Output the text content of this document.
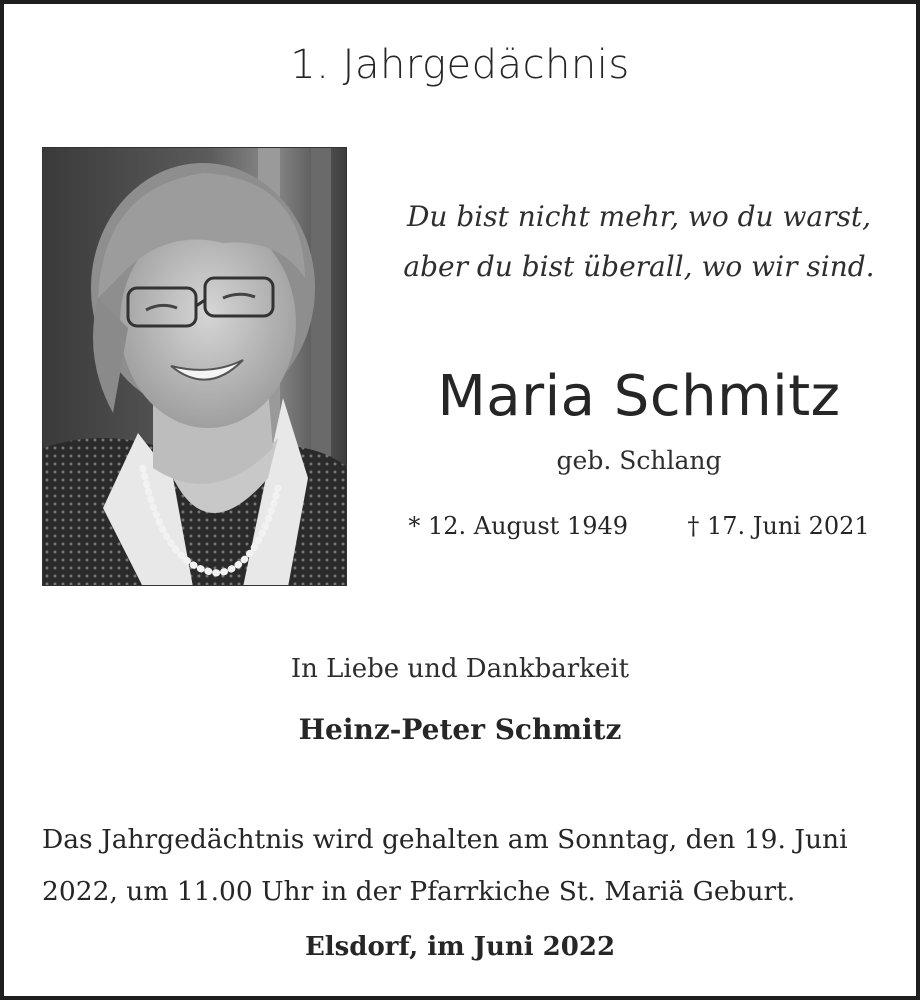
1. Jahrgedächnis
Du bist nicht mehr, wo du warst,
aber du bist überall, wo wir sind.
Maria Schmitz
geb. Schlang
* 12. August 1949 † 17. Juni 2021
In Liebe und Dankbarkeit
Heinz-Peter Schmitz
Das Jahrgedächtnis wird gehalten am Sonntag, den 19. Juni
2022, um 11.00 Uhr in der Pfarrkiche St. Mariä Geburt.
Elsdorf, im Juni 2022
